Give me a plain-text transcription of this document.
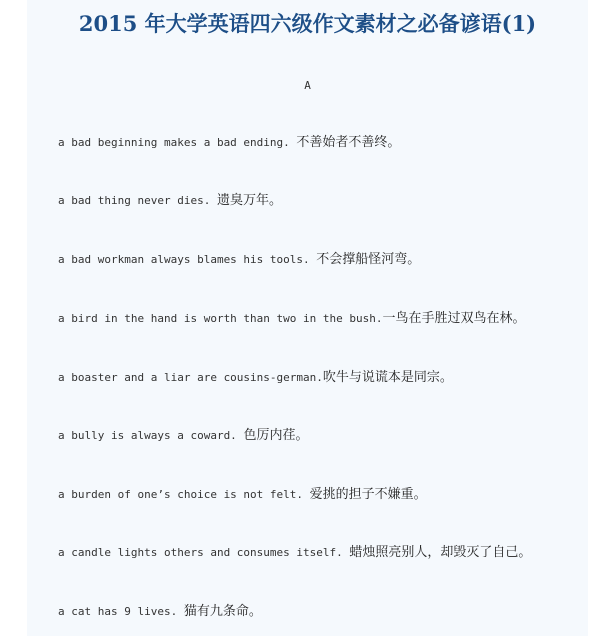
2015 年大学英语四六级作文素材之必备谚语(1)
A
a bad beginning makes a bad ending. 不善始者不善终。
a bad thing never dies. 遗臭万年。
a bad workman always blames his tools. 不会撑船怪河弯。
a bird in the hand is worth than two in the bush.一鸟在手胜过双鸟在林。
a boaster and a liar are cousins-german.吹牛与说谎本是同宗。
a bully is always a coward. 色厉内荏。
a burden of one’s choice is not felt. 爱挑的担子不嫌重。
a candle lights others and consumes itself. 蜡烛照亮别人，却毁灭了自己。
a cat has 9 lives. 猫有九条命。
